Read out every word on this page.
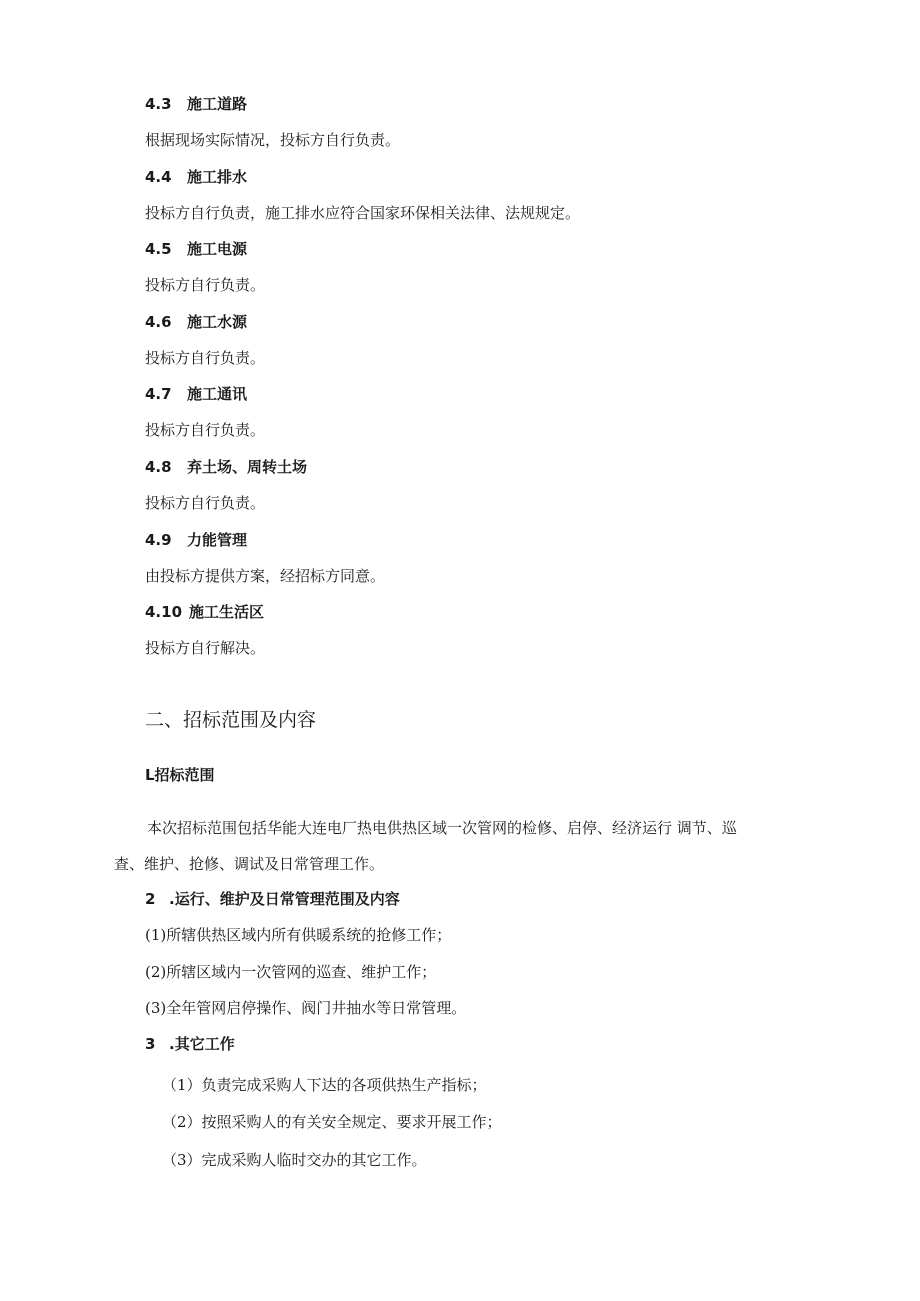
4.3 施工道路
根据现场实际情况，投标方自行负责。
4.4 施工排水
投标方自行负责，施工排水应符合国家环保相关法律、法规规定。
4.5 施工电源
投标方自行负责。
4.6 施工水源
投标方自行负责。
4.7 施工通讯
投标方自行负责。
4.8 弃土场、周转土场
投标方自行负责。
4.9 力能管理
由投标方提供方案，经招标方同意。
4.10 施工生活区
投标方自行解决。
二、招标范围及内容
L招标范围
本次招标范围包括华能大连电厂热电供热区域一次管网的检修、启停、经济运行 调节、巡
查、维护、抢修、调试及日常管理工作。
2 .运行、维护及日常管理范围及内容
(1)所辖供热区域内所有供暖系统的抢修工作；
(2)所辖区域内一次管网的巡查、维护工作；
(3)全年管网启停操作、阀门井抽水等日常管理。
3 .其它工作
（1）负责完成采购人下达的各项供热生产指标；
（2）按照采购人的有关安全规定、要求开展工作；
（3）完成采购人临时交办的其它工作。
